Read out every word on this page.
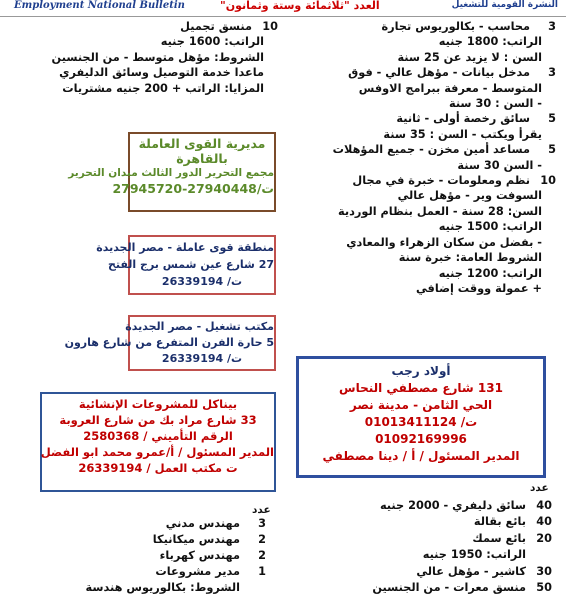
Employment National Bulletin	العدد "ثلاثمائة وستة وثمانون"	النشرة القومية للتشغيل
3محاسب - بكالوريوس تجارة
الراتب: 1800 جنيه
السن : لا يزيد عن 25 سنة
3مدخل بيانات - مؤهل عالي - فوق
المتوسط - معرفة ببرامج الاوفس
- السن : 30 سنة
5سائق رخصة أولى - ثانية
يقرأ ويكتب - السن : 35 سنة
5مساعد أمين مخزن - جميع المؤهلات
- السن 30 سنة
10نظم ومعلومات - خبرة في مجال
السوفت وير - مؤهل عالي
السن: 28 سنة - العمل بنظام الوردية
الراتب: 1500 جنيه
- بفضل من سكان الزهراء والمعادي
الشروط العامة: خبرة سنة
الراتب: 1200 جنيه
+ عمولة ووقت إضافي
10منسق تجميل
الراتب: 1600 جنيه
الشروط: مؤهل متوسط - من الجنسين
ماعدا خدمة التوصيل وسائق الدليفري
المزايا: الراتب + 200 جنيه مشتريات
مديرية القوى العاملة
بالقاهرة
مجمع التحرير الدور الثالث ميدان التحرير
ت/27940448-27945720
منطقة قوى عاملة - مصر الجديدة
27 شارع عين شمس برج الفتح
ت/ 26339194
مكتب تشغيل - مصر الجديدة
5 حارة الفرن المتفرع من شارع هارون
ت/ 26339194
بيناكل للمشروعات الإنشائية
33 شارع مراد بك من شارع العروبة
الرقم التأميني / 2580368
المدير المسئول / أ/عمرو محمد ابو الفضل
ت مكتب العمل / 26339194
أولاد رجب
131 شارع مصطفي النحاس
الحي الثامن - مدينة نصر
ت/ 01013411124
01092169996
المدير المسئول / أ / دينا مصطفي
عدد
عدد
3مهندس مدني
2مهندس ميكانيكا
2مهندس كهرباء
1مدير مشروعات
الشروط: بكالوريوس هندسة
40سائق دليفري - 2000 جنيه
40بائع بقالة
20بائع سمك
الراتب: 1950 جنيه
30كاشير - مؤهل عالي
50منسق معرات - من الجنسين
